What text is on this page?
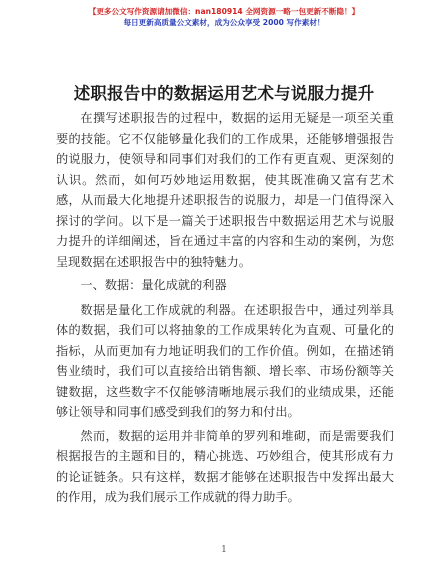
【更多公文写作资源请加微信：nan180914 全网资源一略一包更新不断隐！】
每日更新高质量公文素材，成为公众享受 2000 写作素材！
述职报告中的数据运用艺术与说服力提升

在撰写述职报告的过程中，数据的运用无疑是一项至关重要的技能。它不仅能够量化我们的工作成果，还能够增强报告的说服力，使领导和同事们对我们的工作有更直观、更深刻的认识。然而，如何巧妙地运用数据，使其既准确又富有艺术感，从而最大化地提升述职报告的说服力，却是一门值得深入探讨的学问。以下是一篇关于述职报告中数据运用艺术与说服力提升的详细阐述，旨在通过丰富的内容和生动的案例，为您呈现数据在述职报告中的独特魅力。

一、数据：量化成就的利器

数据是量化工作成就的利器。在述职报告中，通过列举具体的数据，我们可以将抽象的工作成果转化为直观、可量化的指标，从而更加有力地证明我们的工作价值。例如，在描述销售业绩时，我们可以直接给出销售额、增长率、市场份额等关键数据，这些数字不仅能够清晰地展示我们的业绩成果，还能够让领导和同事们感受到我们的努力和付出。

然而，数据的运用并非简单的罗列和堆砌，而是需要我们根据报告的主题和目的，精心挑选、巧妙组合，使其形成有力的论证链条。只有这样，数据才能够在述职报告中发挥出最大的作用，成为我们展示工作成就的得力助手。

1
